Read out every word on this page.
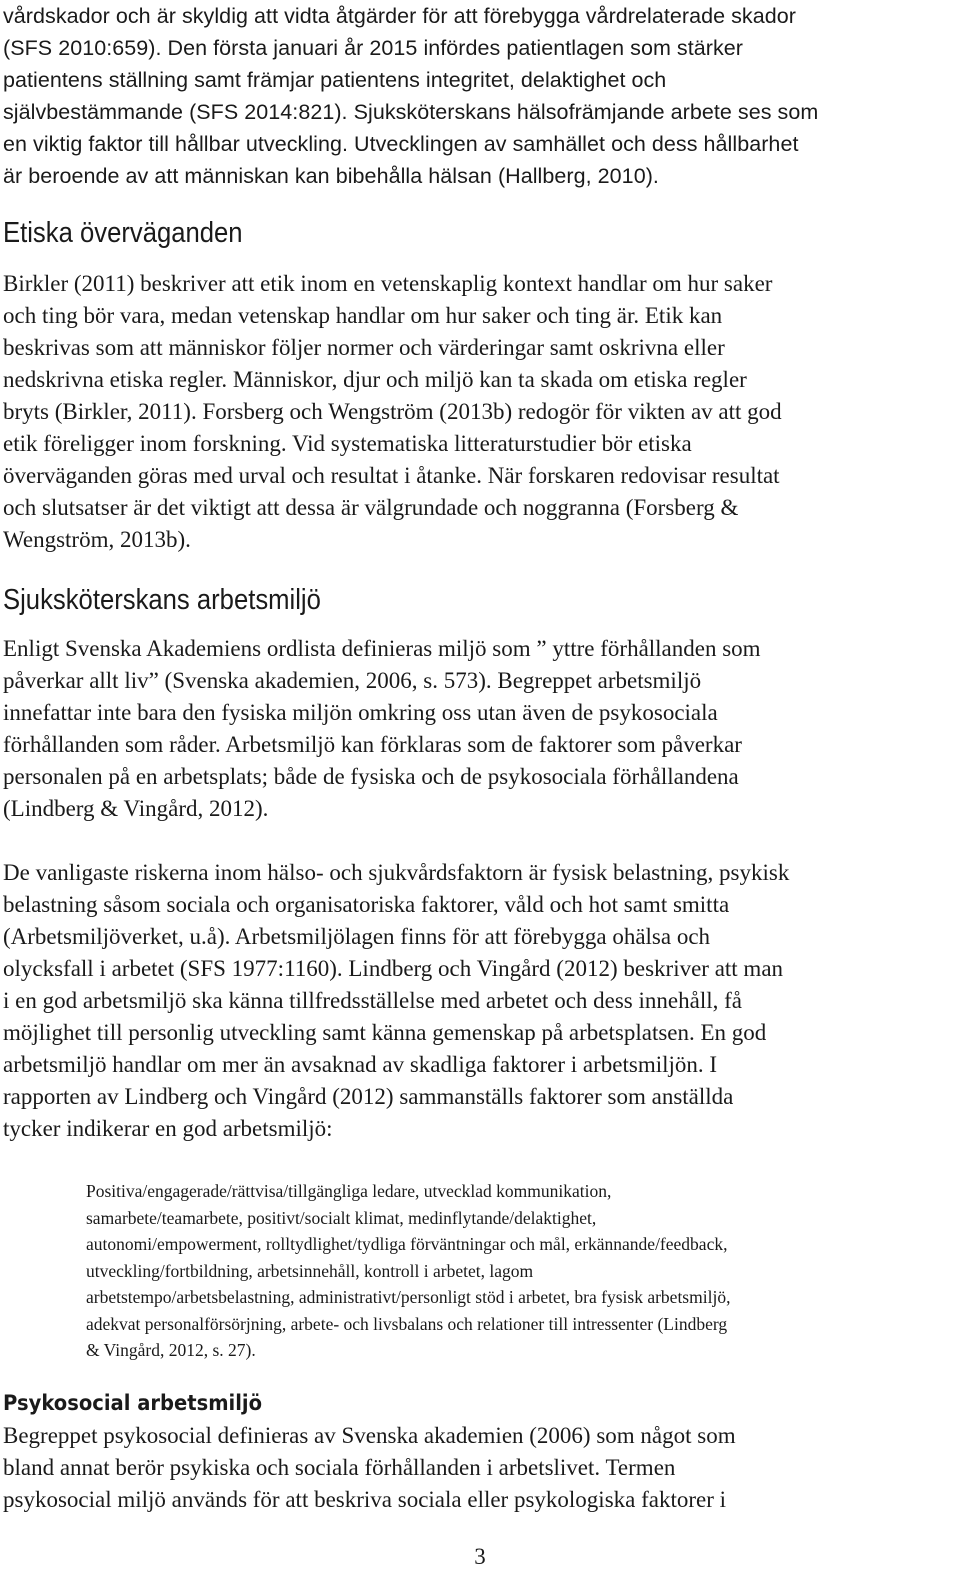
vårdskador och är skyldig att vidta åtgärder för att förebygga vårdrelaterade skador
(SFS 2010:659). Den första januari år 2015 infördes patientlagen som stärker
patientens ställning samt främjar patientens integritet, delaktighet och
självbestämmande (SFS 2014:821). Sjuksköterskans hälsofrämjande arbete ses som
en viktig faktor till hållbar utveckling. Utvecklingen av samhället och dess hållbarhet
är beroende av att människan kan bibehålla hälsan (Hallberg, 2010).
Etiska överväganden
Birkler (2011) beskriver att etik inom en vetenskaplig kontext handlar om hur saker
och ting bör vara, medan vetenskap handlar om hur saker och ting är. Etik kan
beskrivas som att människor följer normer och värderingar samt oskrivna eller
nedskrivna etiska regler. Människor, djur och miljö kan ta skada om etiska regler
bryts (Birkler, 2011). Forsberg och Wengström (2013b) redogör för vikten av att god
etik föreligger inom forskning. Vid systematiska litteraturstudier bör etiska
överväganden göras med urval och resultat i åtanke. När forskaren redovisar resultat
och slutsatser är det viktigt att dessa är välgrundade och noggranna (Forsberg &
Wengström, 2013b).
Sjuksköterskans arbetsmiljö
Enligt Svenska Akademiens ordlista definieras miljö som ” yttre förhållanden som
påverkar allt liv” (Svenska akademien, 2006, s. 573). Begreppet arbetsmiljö
innefattar inte bara den fysiska miljön omkring oss utan även de psykosociala
förhållanden som råder. Arbetsmiljö kan förklaras som de faktorer som påverkar
personalen på en arbetsplats; både de fysiska och de psykosociala förhållandena
(Lindberg & Vingård, 2012).
De vanligaste riskerna inom hälso- och sjukvårdsfaktorn är fysisk belastning, psykisk
belastning såsom sociala och organisatoriska faktorer, våld och hot samt smitta
(Arbetsmiljöverket, u.å). Arbetsmiljölagen finns för att förebygga ohälsa och
olycksfall i arbetet (SFS 1977:1160). Lindberg och Vingård (2012) beskriver att man
i en god arbetsmiljö ska känna tillfredsställelse med arbetet och dess innehåll, få
möjlighet till personlig utveckling samt känna gemenskap på arbetsplatsen. En god
arbetsmiljö handlar om mer än avsaknad av skadliga faktorer i arbetsmiljön. I
rapporten av Lindberg och Vingård (2012) sammanställs faktorer som anställda
tycker indikerar en god arbetsmiljö:
Positiva/engagerade/rättvisa/tillgängliga ledare, utvecklad kommunikation,
samarbete/teamarbete, positivt/socialt klimat, medinflytande/delaktighet,
autonomi/empowerment, rolltydlighet/tydliga förväntningar och mål, erkännande/feedback,
utveckling/fortbildning, arbetsinnehåll, kontroll i arbetet, lagom
arbetstempo/arbetsbelastning, administrativt/personligt stöd i arbetet, bra fysisk arbetsmiljö,
adekvat personalförsörjning, arbete- och livsbalans och relationer till intressenter (Lindberg
& Vingård, 2012, s. 27).
Psykosocial arbetsmiljö
Begreppet psykosocial definieras av Svenska akademien (2006) som något som
bland annat berör psykiska och sociala förhållanden i arbetslivet. Termen
psykosocial miljö används för att beskriva sociala eller psykologiska faktorer i
3
